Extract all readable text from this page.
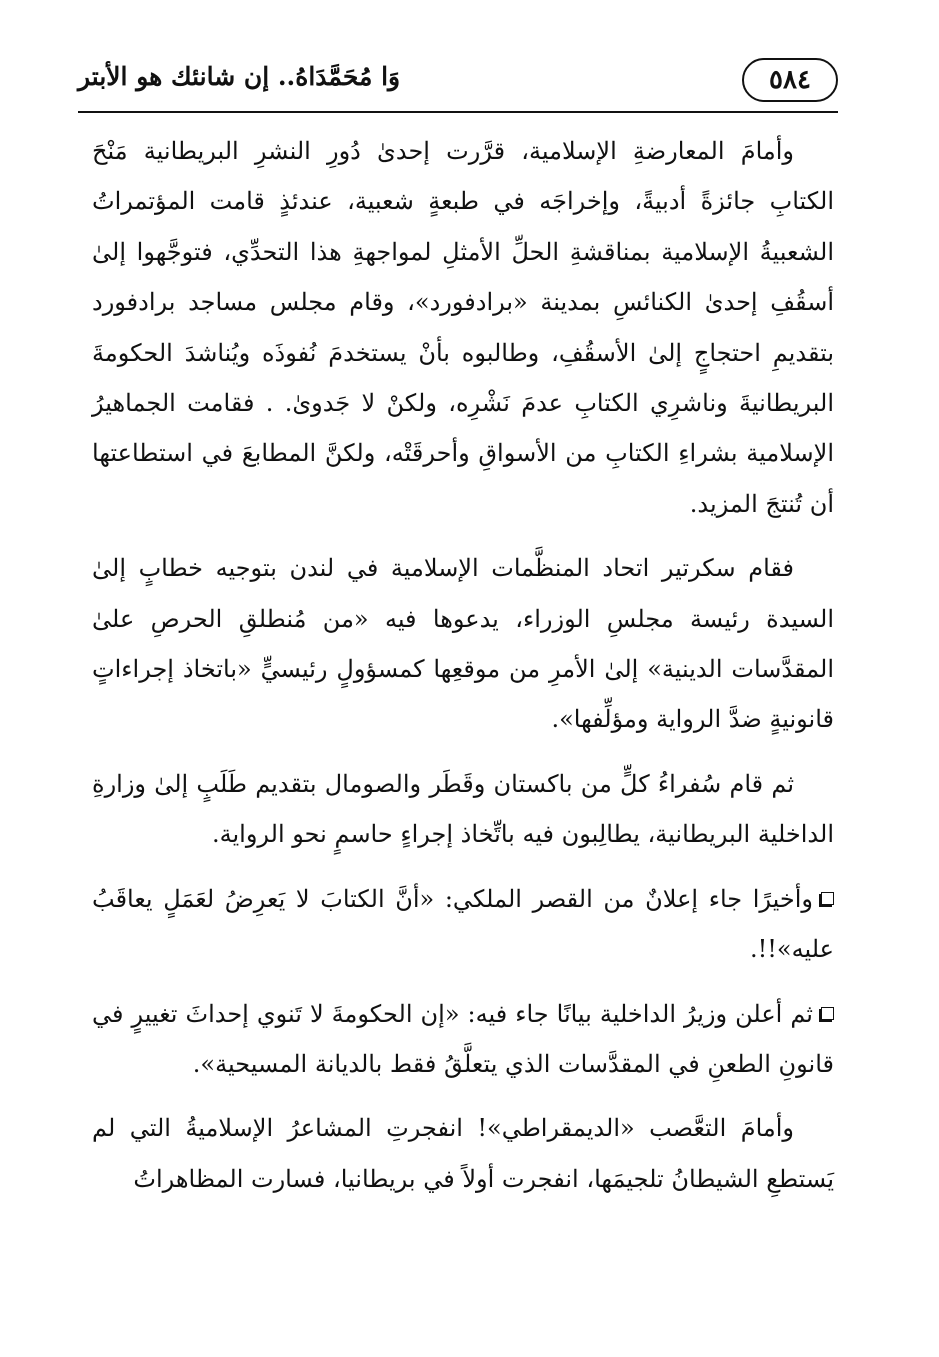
٥٨٤
وَا مُحَمَّدَاهُ.. إن شانئك هو الأبتر

وأمامَ المعارضةِ الإسلامية، قرَّرت إحدىٰ دُورِ النشرِ البريطانية مَنْحَ الكتابِ جائزةً أدبيةً، وإخراجَه في طبعةٍ شعبية، عندئذٍ قامت المؤتمراتُ الشعبيةُ الإسلامية بمناقشةِ الحلِّ الأمثلِ لمواجهةِ هذا التحدِّي، فتوجَّهوا إلىٰ أسقُفِ إحدىٰ الكنائسِ بمدينة «برادفورد»، وقام مجلس مساجد برادفورد بتقديمِ احتجاجٍ إلىٰ الأسقُفِ، وطالبوه بأنْ يستخدمَ نُفوذَه ويُناشدَ الحكومةَ البريطانيةَ وناشرِي الكتابِ عدمَ نَشْرِه، ولكنْ لا جَدوىٰ. . فقامت الجماهيرُ الإسلامية بشراءِ الكتابِ من الأسواقِ وأحرقَتْه، ولكنَّ المطابعَ في استطاعتها أن تُنتجَ المزيد.

فقام سكرتير اتحاد المنظَّمات الإسلامية في لندن بتوجيه خطابٍ إلىٰ السيدة رئيسة مجلسِ الوزراء، يدعوها فيه «من مُنطلقِ الحرصِ علىٰ المقدَّسات الدينية» إلىٰ الأمرِ من موقعِها كمسؤولٍ رئيسيٍّ «باتخاذ إجراءاتٍ قانونيةٍ ضدَّ الرواية ومؤلِّفها».

ثم قام سُفراءُ كلٍّ من باكستان وقَطَر والصومال بتقديم طَلَبٍ إلىٰ وزارةِ الداخلية البريطانية، يطالِبون فيه باتِّخاذ إجراءٍ حاسمٍ نحو الرواية.

وأخيرًا جاء إعلانٌ من القصر الملكي: «أنَّ الكتابَ لا يَعرِضُ لعَمَلٍ يعاقَبُ عليه»!!.

ثم أعلن وزيرُ الداخلية بيانًا جاء فيه: «إن الحكومةَ لا تَنوي إحداثَ تغييرٍ في قانونِ الطعنِ في المقدَّسات الذي يتعلَّقُ فقط بالديانة المسيحية».

وأمامَ التعَّصب «الديمقراطي»! انفجرتِ المشاعرُ الإسلاميةُ التي لم يَستطعِ الشيطانُ تلجيمَها، انفجرت أولاً في بريطانيا، فسارت المظاهراتُ
